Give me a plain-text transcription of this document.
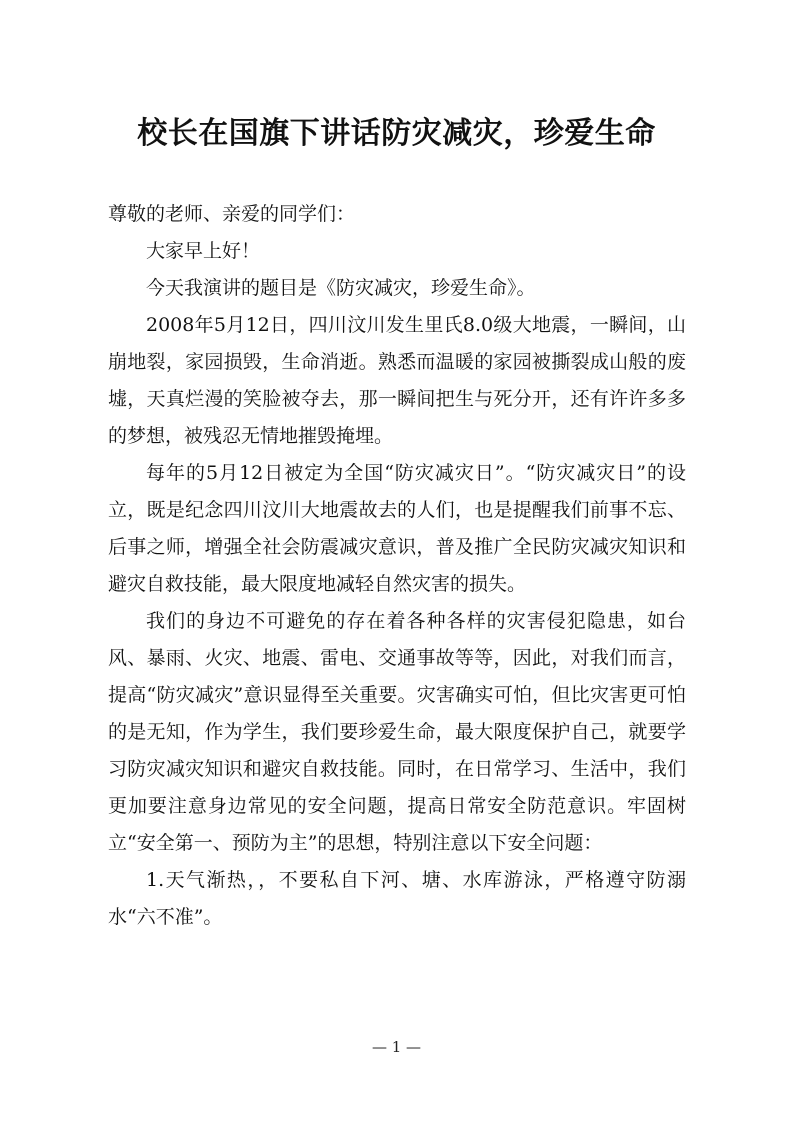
校长在国旗下讲话防灾减灾，珍爱生命

尊敬的老师、亲爱的同学们：

大家早上好！

今天我演讲的题目是《防灾减灾，珍爱生命》。

2008年5月12日，四川汶川发生里氏8.0级大地震，一瞬间，山崩地裂，家园损毁，生命消逝。熟悉而温暖的家园被撕裂成山般的废墟，天真烂漫的笑脸被夺去，那一瞬间把生与死分开，还有许许多多的梦想，被残忍无情地摧毁掩埋。

每年的5月12日被定为全国“防灾减灾日”。“防灾减灾日”的设立，既是纪念四川汶川大地震故去的人们，也是提醒我们前事不忘、后事之师，增强全社会防震减灾意识，普及推广全民防灾减灾知识和避灾自救技能，最大限度地减轻自然灾害的损失。

我们的身边不可避免的存在着各种各样的灾害侵犯隐患，如台风、暴雨、火灾、地震、雷电、交通事故等等，因此，对我们而言，提高“防灾减灾”意识显得至关重要。灾害确实可怕，但比灾害更可怕的是无知，作为学生，我们要珍爱生命，最大限度保护自己，就要学习防灾减灾知识和避灾自救技能。同时，在日常学习、生活中，我们更加要注意身边常见的安全问题，提高日常安全防范意识。牢固树立“安全第一、预防为主”的思想，特别注意以下安全问题：

1.天气渐热，，不要私自下河、塘、水库游泳，严格遵守防溺水“六不准”。

— 1 —
